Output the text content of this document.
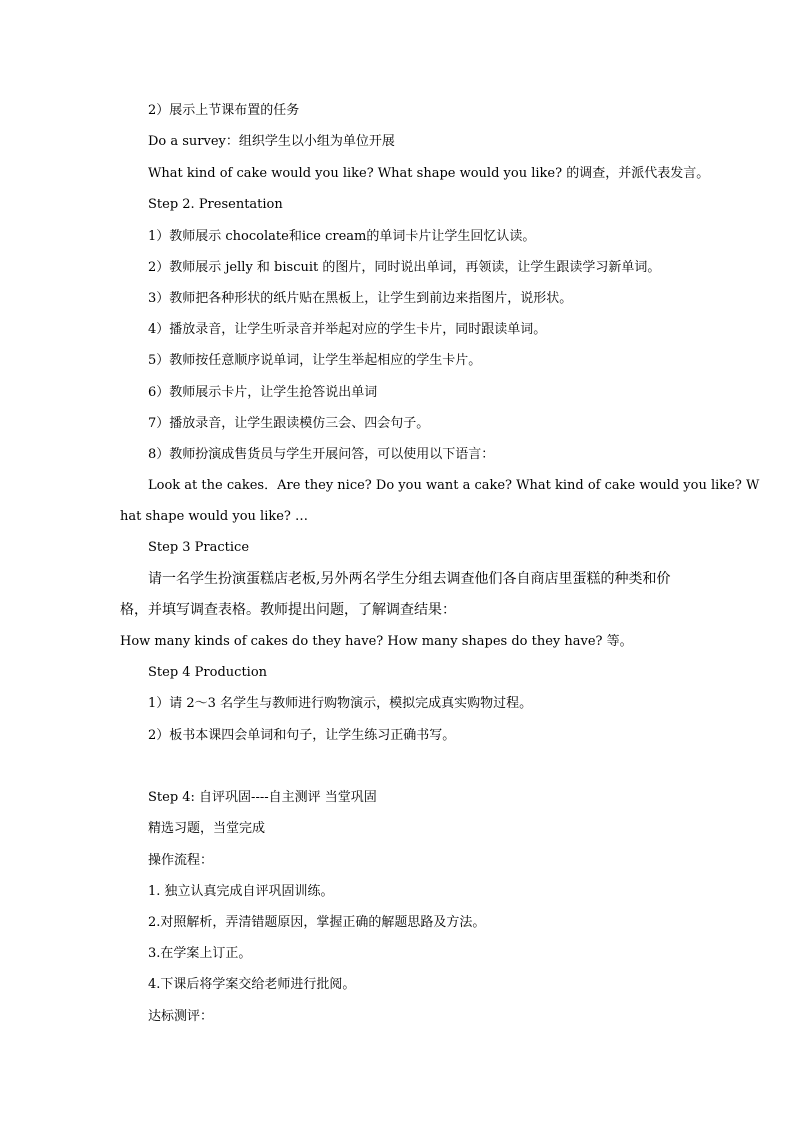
2）展示上节课布置的任务
Do a survey：组织学生以小组为单位开展
What kind of cake would you like? What shape would you like? 的调查，并派代表发言。
Step 2. Presentation
1）教师展示 chocolate和ice cream的单词卡片让学生回忆认读。
2）教师展示 jelly 和 biscuit 的图片，同时说出单词，再领读，让学生跟读学习新单词。
3）教师把各种形状的纸片贴在黑板上，让学生到前边来指图片，说形状。
4）播放录音，让学生听录音并举起对应的学生卡片，同时跟读单词。
5）教师按任意顺序说单词，让学生举起相应的学生卡片。
6）教师展示卡片，让学生抢答说出单词
7）播放录音，让学生跟读模仿三会、四会句子。
8）教师扮演成售货员与学生开展问答，可以使用以下语言：
Look at the cakes．Are they nice? Do you want a cake? What kind of cake would you like? W
hat shape would you like? …
Step 3 Practice
请一名学生扮演蛋糕店老板,另外两名学生分组去调查他们各自商店里蛋糕的种类和价
格，并填写调查表格。教师提出问题，了解调查结果：
How many kinds of cakes do they have? How many shapes do they have? 等。
Step 4 Production
1）请 2～3 名学生与教师进行购物演示，模拟完成真实购物过程。
2）板书本课四会单词和句子，让学生练习正确书写。
Step 4: 自评巩固----自主测评 当堂巩固
精选习题，当堂完成
操作流程：
1. 独立认真完成自评巩固训练。
2.对照解析，弄清错题原因，掌握正确的解题思路及方法。
3.在学案上订正。
4.下课后将学案交给老师进行批阅。
达标测评：
